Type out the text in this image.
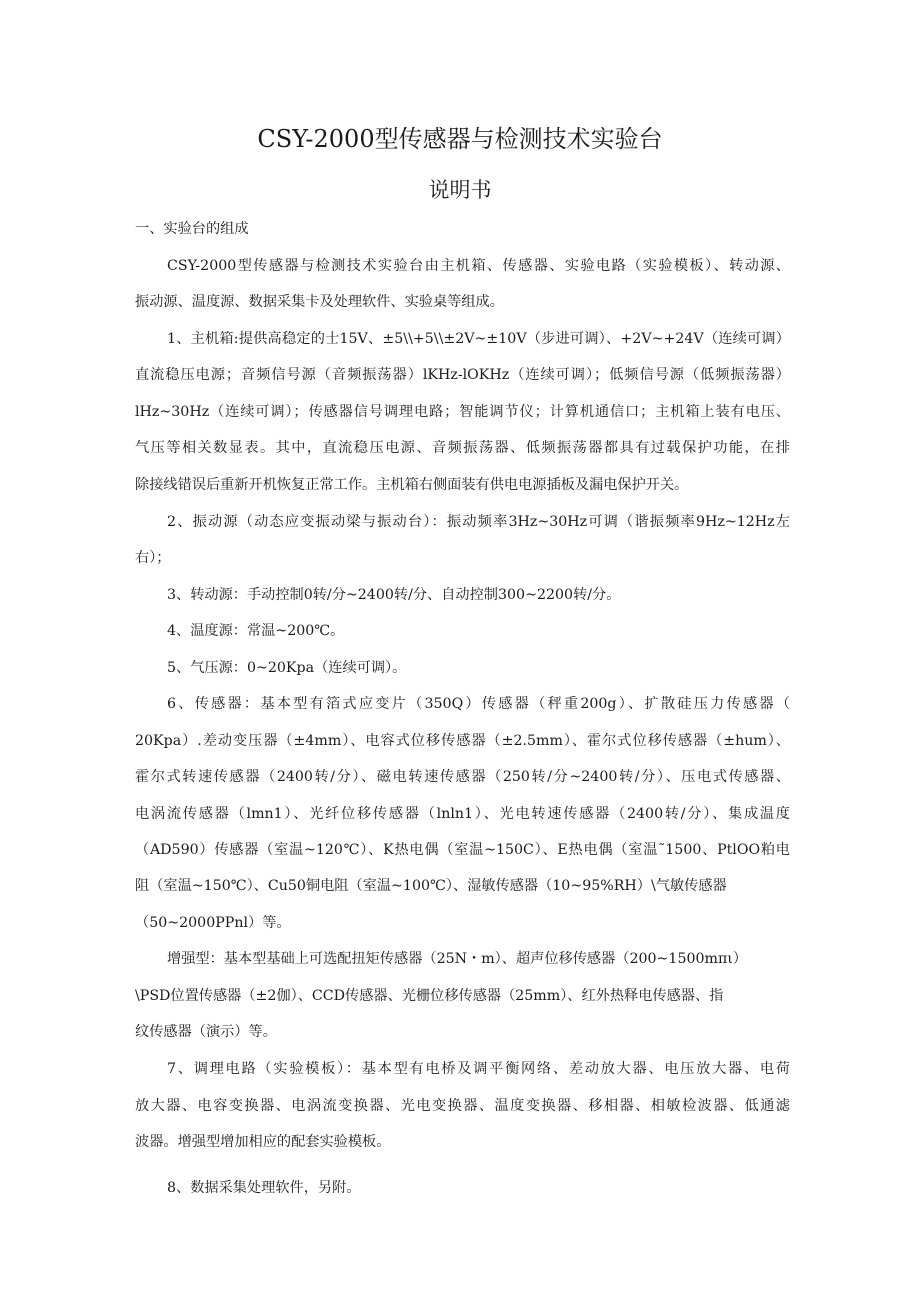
CSY-2000型传感器与检测技术实验台
说明书

一、实验台的组成

CSY-2000型传感器与检测技术实验台由主机箱、传感器、实验电路（实验模板）、转动源、

振动源、温度源、数据采集卡及处理软件、实验桌等组成。

1、主机箱:提供高稳定的士15V、±5\\+5\\±2V~±10V（步进可调）、+2V~+24V（连续可调）

直流稳压电源；音频信号源（音频振荡器）lKHz-lOKHz（连续可调）；低频信号源（低频振荡器）

lHz~30Hz（连续可调）；传感器信号调理电路；智能调节仪；计算机通信口；主机箱上装有电压、

气压等相关数显表。其中，直流稳压电源、音频振荡器、低频振荡器都具有过载保护功能，在排

除接线错误后重新开机恢复正常工作。主机箱右侧面装有供电电源插板及漏电保护开关。

2、振动源（动态应变振动梁与振动台）：振动频率3Hz~30Hz可调（谐振频率9Hz~12Hz左

右）；

3、转动源：手动控制0转/分~2400转/分、自动控制300~2200转/分。

4、温度源：常温~200℃。

5、气压源：0~20Kpa（连续可调）。

6、传感器：基本型有箔式应变片（350Q）传感器（秤重200g）、扩散硅压力传感器（

20Kpa）.差动变压器（±4mm）、电容式位移传感器（±2.5mm）、霍尔式位移传感器（±hum）、

霍尔式转速传感器（2400转/分）、磁电转速传感器（250转/分~2400转/分）、压电式传感器、

电涡流传感器（lmn1）、光纤位移传感器（lnln1）、光电转速传感器（2400转/分）、集成温度

（AD590）传感器（室温~120℃）、K热电偶（室温~150C）、E热电偶（室温˜1500、PtlOO粕电

阻（室温~150℃）、Cu50铜电阻（室温~100℃）、湿敏传感器（10~95%RH）\气敏传感器

（50~2000PPnl）等。

增强型：基本型基础上可选配扭矩传感器（25N・m）、超声位移传感器（200~1500mπι）

\PSD位置传感器（±2伽）、CCD传感器、光栅位移传感器（25mm）、红外热释电传感器、指

纹传感器（演示）等。

7、调理电路（实验模板）：基本型有电桥及调平衡网络、差动放大器、电压放大器、电荷

放大器、电容变换器、电涡流变换器、光电变换器、温度变换器、移相器、相敏检波器、低通滤

波器。增强型增加相应的配套实验模板。

8、数据采集处理软件，另附。
